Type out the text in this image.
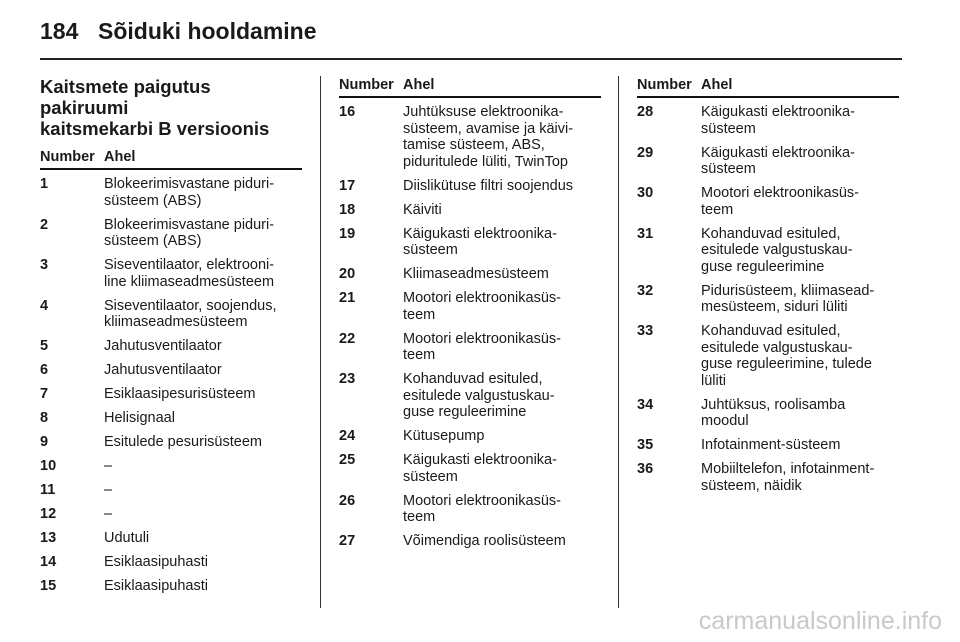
184 Sõiduki hooldamine
Kaitsmete paigutus pakiruumi
kaitsmekarbi B versioonis
Number Ahel
1	Blokeerimisvastane piduri-
süsteem (ABS)
2	Blokeerimisvastane piduri-
süsteem (ABS)
3	Siseventilaator, elektrooni-
line kliimaseadmesüsteem
4	Siseventilaator, soojendus,
kliimaseadmesüsteem
5	Jahutusventilaator
6	Jahutusventilaator
7	Esiklaasipesurisüsteem
8	Helisignaal
9	Esitulede pesurisüsteem
10	–
11	–
12	–
13	Udutuli
14	Esiklaasipuhasti
15	Esiklaasipuhasti
Number Ahel
16	Juhtüksuse elektroonika-
süsteem, avamise ja käivi-
tamise süsteem, ABS,
piduritulede lüliti, TwinTop
17	Diislikütuse filtri soojendus
18	Käiviti
19	Käigukasti elektroonika-
süsteem
20	Kliimaseadmesüsteem
21	Mootori elektroonikasüs-
teem
22	Mootori elektroonikasüs-
teem
23	Kohanduvad esituled,
esitulede valgustuskau-
guse reguleerimine
24	Kütusepump
25	Käigukasti elektroonika-
süsteem
26	Mootori elektroonikasüs-
teem
27	Võimendiga roolisüsteem
Number Ahel
28	Käigukasti elektroonika-
süsteem
29	Käigukasti elektroonika-
süsteem
30	Mootori elektroonikasüs-
teem
31	Kohanduvad esituled,
esitulede valgustuskau-
guse reguleerimine
32	Pidurisüsteem, kliimasead-
mesüsteem, siduri lüliti
33	Kohanduvad esituled,
esitulede valgustuskau-
guse reguleerimine, tulede
lüliti
34	Juhtüksus, roolisamba
moodul
35	Infotainment-süsteem
36	Mobiiltelefon, infotainment-
süsteem, näidik
carmanualsonline.info
